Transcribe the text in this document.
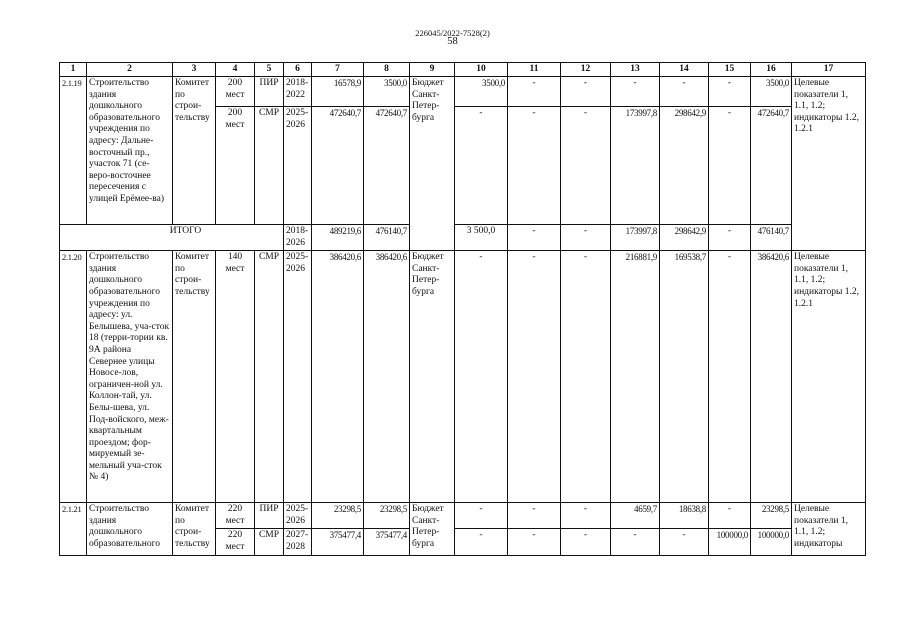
226045/2022-7528(2)
58
1	2	3	4	5	6	7	8	9	10	11	12	13	14	15	16	17
2.1.19	Строительство здания дошкольного образовательного учреждения по адресу: Дальне-восточный пр., участок 71 (се-веро-восточнее пересечения с улицей Ерёмее-ва)	Комитет по строи-тельству	200 мест	ПИР	2018-2022	16578,9	3500,0	Бюджет Санкт-Петер-бурга	3500,0	-	-	-	-	-	3500,0	Целевые показатели 1, 1.1, 1.2; индикаторы 1.2, 1.2.1
			200 мест	СМР	2025-2026	472640,7	472640,7		-	-	-	173997,8	298642,9	-	472640,7	
ИТОГО					2018-2026	489219,6	476140,7		3 500,0	-	-	173997,8	298642,9	-	476140,7	
2.1.20	Строительство здания дошкольного образовательного учреждения по адресу: ул. Белышева, уча-сток 18 (терри-тории кв. 9А района Севернее улицы Новосе-лов, ограничен-ной ул. Коллон-тай, ул. Белы-шева, ул. Под-войского, меж-квартальным проездом; фор-мируемый зе-мельный уча-сток № 4)	Комитет по строи-тельству	140 мест	СМР	2025-2026	386420,6	386420,6	Бюджет Санкт-Петер-бурга	-	-	-	216881,9	169538,7	-	386420,6	Целевые показатели 1, 1.1, 1.2; индикаторы 1.2, 1.2.1
2.1.21	Строительство здания дошкольного образовательного	Комитет по строи-тельству	220 мест	ПИР	2025-2026	23298,5	23298,5	Бюджет Санкт-Петер-бурга	-	-	-	4659,7	18638,8	-	23298,5	Целевые показатели 1, 1.1, 1.2; индикаторы
			220 мест	СМР	2027-2028	375477,4	375477,4		-	-	-	-	-	100000,0	100000,0	
